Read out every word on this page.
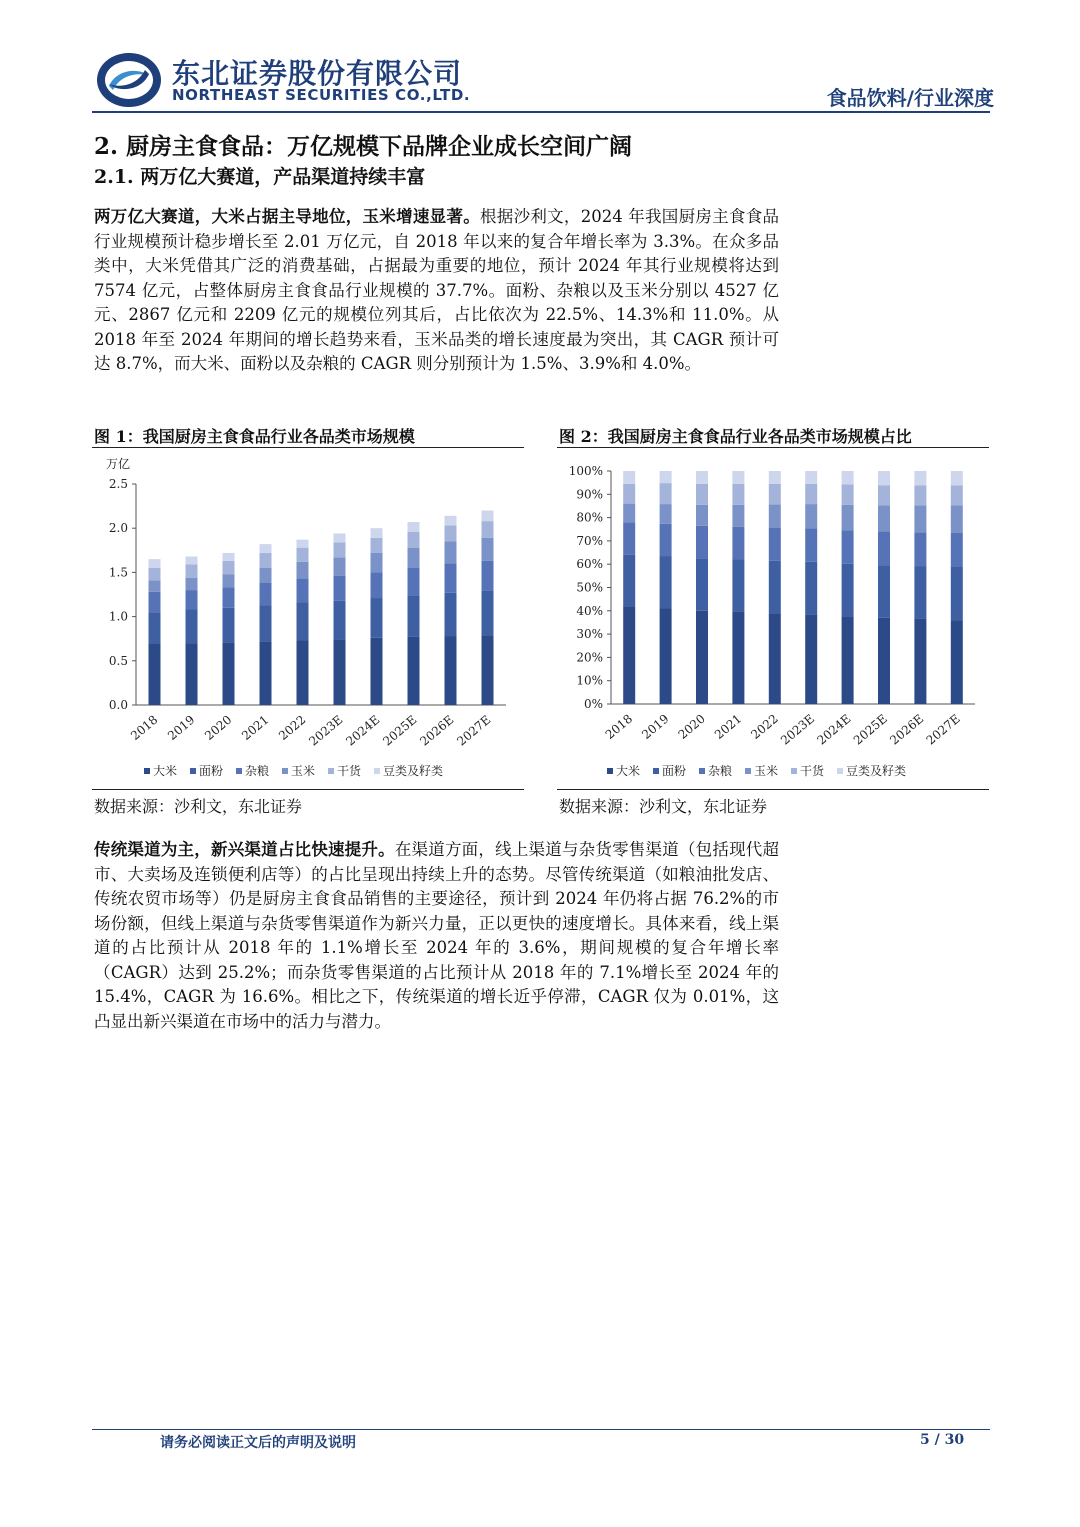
东北证券股份有限公司
NORTHEAST SECURITIES CO.,LTD.	食品饮料/行业深度
2. 厨房主食食品：万亿规模下品牌企业成长空间广阔
2.1. 两万亿大赛道，产品渠道持续丰富

两万亿大赛道，大米占据主导地位，玉米增速显著。根据沙利文，2024 年我国厨房主食食品行业规模预计稳步增长至 2.01 万亿元，自 2018 年以来的复合年增长率为 3.3%。在众多品类中，大米凭借其广泛的消费基础，占据最为重要的地位，预计 2024 年其行业规模将达到 7574 亿元，占整体厨房主食食品行业规模的 37.7%。面粉、杂粮以及玉米分别以 4527 亿元、2867 亿元和 2209 亿元的规模位列其后，占比依次为 22.5%、14.3%和 11.0%。从 2018 年至 2024 年期间的增长趋势来看，玉米品类的增长速度最为突出，其 CAGR 预计可达 8.7%，而大米、面粉以及杂粮的 CAGR 则分别预计为 1.5%、3.9%和 4.0%。

图 1：我国厨房主食食品行业各品类市场规模
0.0
0.5
1.0
1.5
2.0
2.5
万亿
2018 2019 2020 2021 2022
2023E
2024E
2025E
2026E
2027E
大米 面粉 杂粮 玉米 干货 豆类及籽类
数据来源：沙利文，东北证券
图 2：我国厨房主食食品行业各品类市场规模占比
0%
10%
20%
30%
40%
50%
60%
70%
80%
90%
100%
2018 2019 2020 2021 2022
2023E
2024E
2025E
2026E
2027E
大米 面粉 杂粮 玉米 干货 豆类及籽类
数据来源：沙利文，东北证券

传统渠道为主，新兴渠道占比快速提升。在渠道方面，线上渠道与杂货零售渠道（包括现代超市、大卖场及连锁便利店等）的占比呈现出持续上升的态势。尽管传统渠道（如粮油批发店、传统农贸市场等）仍是厨房主食食品销售的主要途径，预计到 2024 年仍将占据 76.2%的市场份额，但线上渠道与杂货零售渠道作为新兴力量，正以更快的速度增长。具体来看，线上渠道的占比预计从 2018 年的 1.1%增长至 2024 年的 3.6%，期间规模的复合年增长率（CAGR）达到 25.2%；而杂货零售渠道的占比预计从 2018 年的 7.1%增长至 2024 年的 15.4%，CAGR 为 16.6%。相比之下，传统渠道的增长近乎停滞，CAGR 仅为 0.01%，这凸显出新兴渠道在市场中的活力与潜力。

请务必阅读正文后的声明及说明	5 / 30
